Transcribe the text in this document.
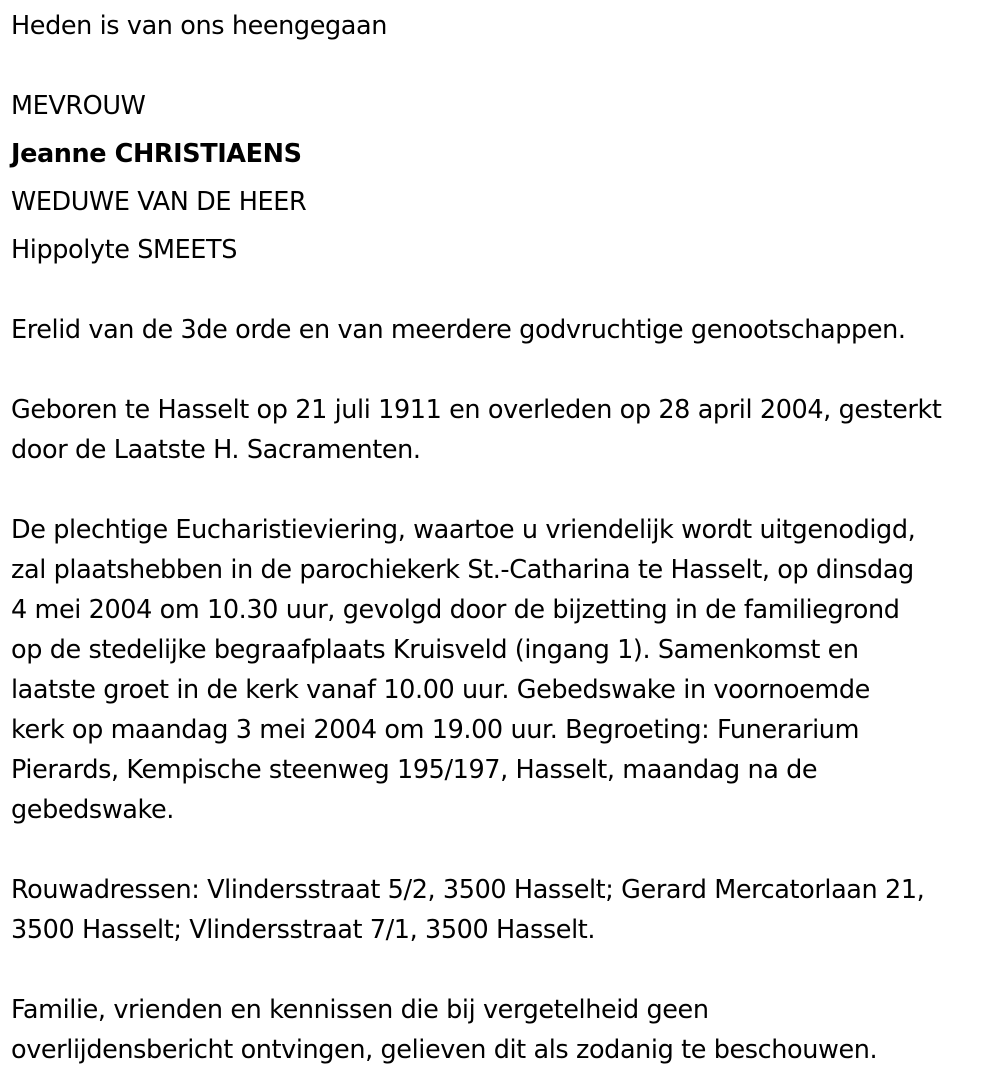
Heden is van ons heengegaan
MEVROUW
Jeanne CHRISTIAENS
WEDUWE VAN DE HEER
Hippolyte SMEETS
Erelid van de 3de orde en van meerdere godvruchtige genootschappen.
Geboren te Hasselt op 21 juli 1911 en overleden op 28 april 2004, gesterkt
door de Laatste H. Sacramenten.
De plechtige Eucharistieviering, waartoe u vriendelijk wordt uitgenodigd,
zal plaatshebben in de parochiekerk St.-Catharina te Hasselt, op dinsdag
4 mei 2004 om 10.30 uur, gevolgd door de bijzetting in de familiegrond
op de stedelijke begraafplaats Kruisveld (ingang 1). Samenkomst en
laatste groet in de kerk vanaf 10.00 uur. Gebedswake in voornoemde
kerk op maandag 3 mei 2004 om 19.00 uur. Begroeting: Funerarium
Pierards, Kempische steenweg 195/197, Hasselt, maandag na de
gebedswake.
Rouwadressen: Vlindersstraat 5/2, 3500 Hasselt; Gerard Mercatorlaan 21,
3500 Hasselt; Vlindersstraat 7/1, 3500 Hasselt.
Familie, vrienden en kennissen die bij vergetelheid geen
overlijdensbericht ontvingen, gelieven dit als zodanig te beschouwen.
